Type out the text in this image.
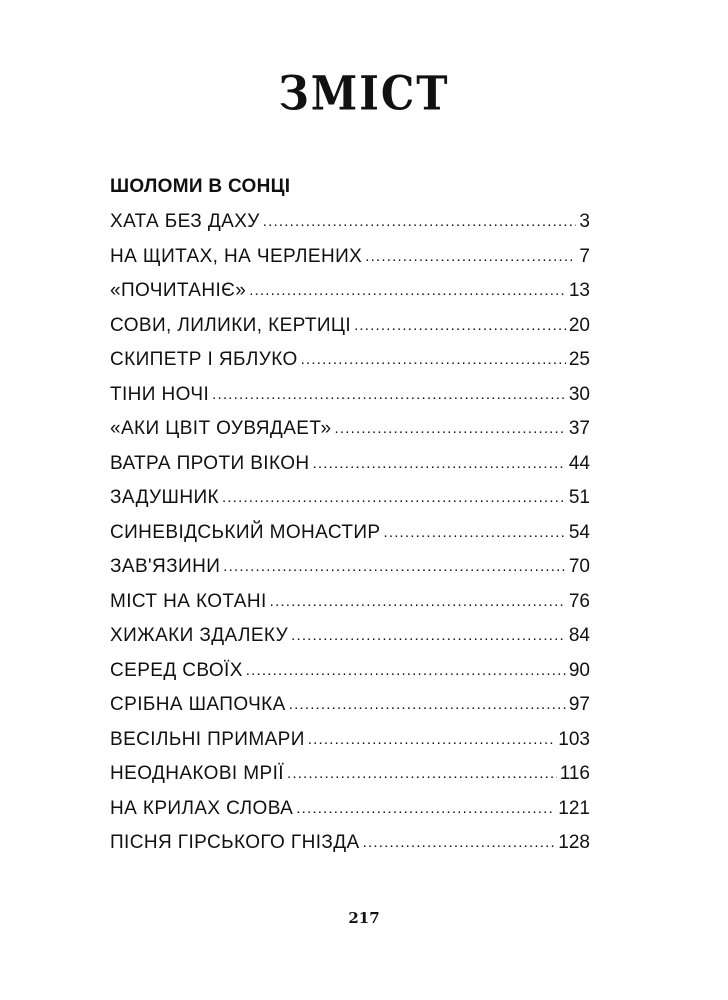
ЗМІСТ
ШОЛОМИ В СОНЦІ
ХАТА БЕЗ ДАХУ .....	3
НА ЩИТАХ, НА ЧЕРЛЕНИХ .....	7
«ПОЧИТАНІЄ» .....	13
СОВИ, ЛИЛИКИ, КЕРТИЦІ .....	20
СКИПЕТР І ЯБЛУКО .....	25
ТІНИ НОЧІ .....	30
«АКИ ЦВІТ ОУВЯДАЕТ» .....	37
ВАТРА ПРОТИ ВІКОН .....	44
ЗАДУШНИК .....	51
СИНЕВІДСЬКИЙ МОНАСТИР .....	54
ЗАВ'ЯЗИНИ .....	70
МІСТ НА КОТАНІ .....	76
ХИЖАКИ ЗДАЛЕКУ .....	84
СЕРЕД СВОЇХ .....	90
СРІБНА ШАПОЧКА .....	97
ВЕСІЛЬНІ ПРИМАРИ .....	103
НЕОДНАКОВІ МРІЇ .....	116
НА КРИЛАХ СЛОВА .....	121
ПІСНЯ ГІРСЬКОГО ГНІЗДА .....	128
217
